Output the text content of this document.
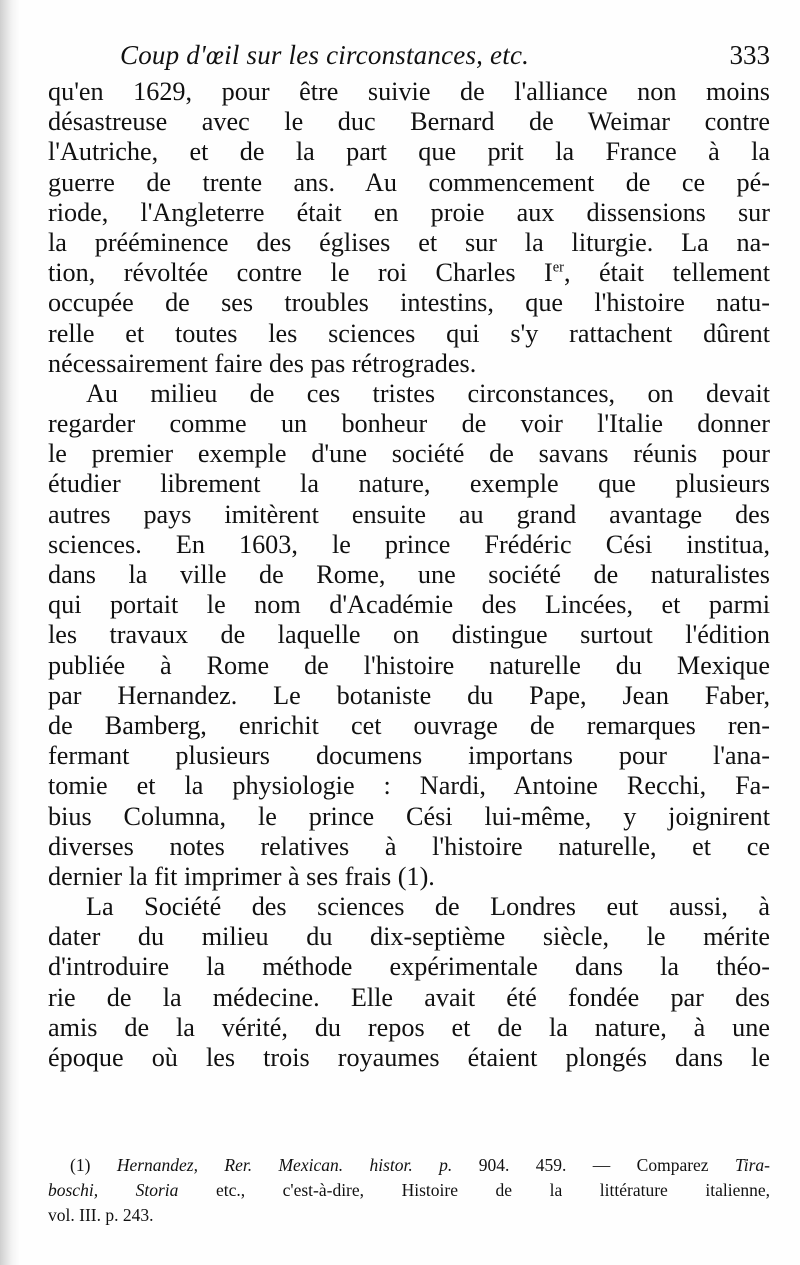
Coup d'œil sur les circonstances, etc.	333
qu'en 1629, pour être suivie de l'alliance non moins
désastreuse avec le duc Bernard de Weimar contre
l'Autriche, et de la part que prit la France à la
guerre de trente ans. Au commencement de ce pé-
riode, l'Angleterre était en proie aux dissensions sur
la prééminence des églises et sur la liturgie. La na-
tion, révoltée contre le roi Charles Ier, était tellement
occupée de ses troubles intestins, que l'histoire natu-
relle et toutes les sciences qui s'y rattachent dûrent
nécessairement faire des pas rétrogrades.
Au milieu de ces tristes circonstances, on devait
regarder comme un bonheur de voir l'Italie donner
le premier exemple d'une société de savans réunis pour
étudier librement la nature, exemple que plusieurs
autres pays imitèrent ensuite au grand avantage des
sciences. En 1603, le prince Frédéric Cési institua,
dans la ville de Rome, une société de naturalistes
qui portait le nom d'Académie des Lincées, et parmi
les travaux de laquelle on distingue surtout l'édition
publiée à Rome de l'histoire naturelle du Mexique
par Hernandez. Le botaniste du Pape, Jean Faber,
de Bamberg, enrichit cet ouvrage de remarques ren-
fermant plusieurs documens importans pour l'ana-
tomie et la physiologie : Nardi, Antoine Recchi, Fa-
bius Columna, le prince Cési lui-même, y joignirent
diverses notes relatives à l'histoire naturelle, et ce
dernier la fit imprimer à ses frais (1).
La Société des sciences de Londres eut aussi, à
dater du milieu du dix-septième siècle, le mérite
d'introduire la méthode expérimentale dans la théo-
rie de la médecine. Elle avait été fondée par des
amis de la vérité, du repos et de la nature, à une
époque où les trois royaumes étaient plongés dans le
(1) Hernandez, Rer. Mexican. histor. p. 904. 459. — Comparez Tira-
boschi, Storia etc., c'est-à-dire, Histoire de la littérature italienne,
vol. III. p. 243.
